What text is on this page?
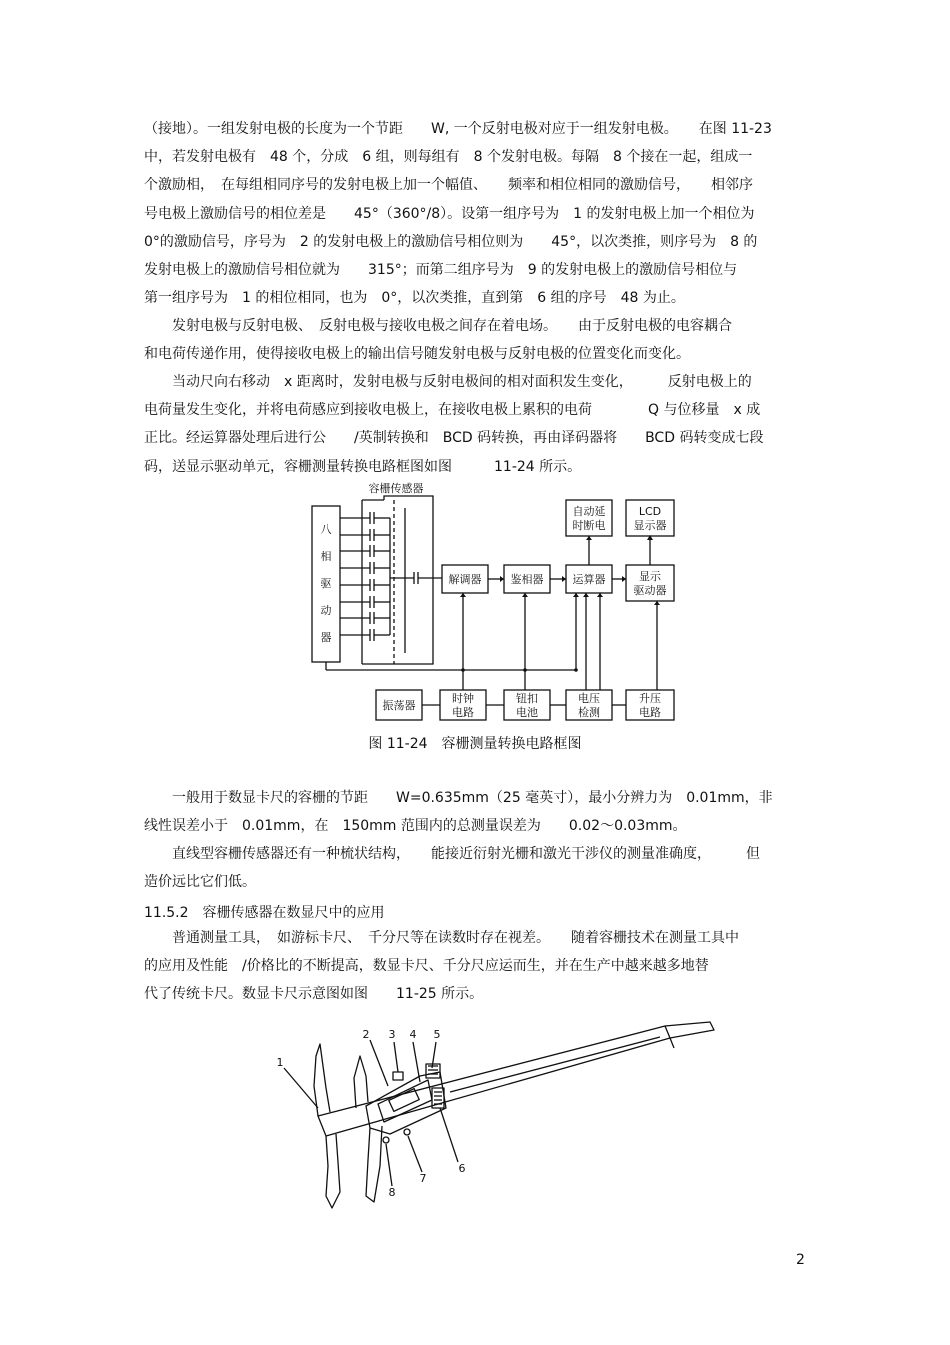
（接地）。一组发射电极的长度为一个节距　　W, 一个反射电极对应于一组发射电极。　　在图 11-23
中，若发射电极有　48 个，分成　6 组，则每组有　8 个发射电极。每隔　8 个接在一起，组成一
个激励相，　在每组相同序号的发射电极上加一个幅值、　　频率和相位相同的激励信号，　　相邻序
号电极上激励信号的相位差是　　45°（360°/8）。设第一组序号为　1 的发射电极上加一个相位为
0°的激励信号，序号为　2 的发射电极上的激励信号相位则为　　45°，以次类推，则序号为　8 的
发射电极上的激励信号相位就为　　315°；而第二组序号为　9 的发射电极上的激励信号相位与
第一组序号为　1 的相位相同，也为　0°，以次类推，直到第　6 组的序号　48 为止。
　　发射电极与反射电极、　反射电极与接收电极之间存在着电场。　　由于反射电极的电容耦合
和电荷传递作用，使得接收电极上的输出信号随发射电极与反射电极的位置变化而变化。
　　当动尺向右移动　x 距离时，发射电极与反射电极间的相对面积发生变化，　　　反射电极上的
电荷量发生变化，并将电荷感应到接收电极上，在接收电极上累积的电荷　　　　Q 与位移量　x 成
正比。经运算器处理后进行公　　/英制转换和　BCD 码转换，再由译码器将　　BCD 码转变成七段
码，送显示驱动单元，容栅测量转换电路框图如图　　　11-24 所示。
容栅传感器
八
相
驱
动
器
解调器	鉴相器	运算器	显示
驱动器
自动延
时断电
LCD
显示器
振荡器
时钟
电路
钮扣
电池
电压
检测
升压
电路
图 11-24　容栅测量转换电路框图
　　一般用于数显卡尺的容栅的节距　　W=0.635mm（25 毫英寸），最小分辨力为　0.01mm，非
线性误差小于　0.01mm，在　150mm 范围内的总测量误差为　　0.02～0.03mm。
　　直线型容栅传感器还有一种梳状结构，　　能接近衍射光栅和激光干涉仪的测量准确度，　　　但
造价远比它们低。
11.5.2　容栅传感器在数显尺中的应用
　　普通测量工具，　如游标卡尺、　千分尺等在读数时存在视差。　　随着容栅技术在测量工具中
的应用及性能　/价格比的不断提高，数显卡尺、千分尺应运而生，并在生产中越来越多地替
代了传统卡尺。数显卡尺示意图如图　　11-25 所示。
1
2 3 4 5
6
7
8
2
